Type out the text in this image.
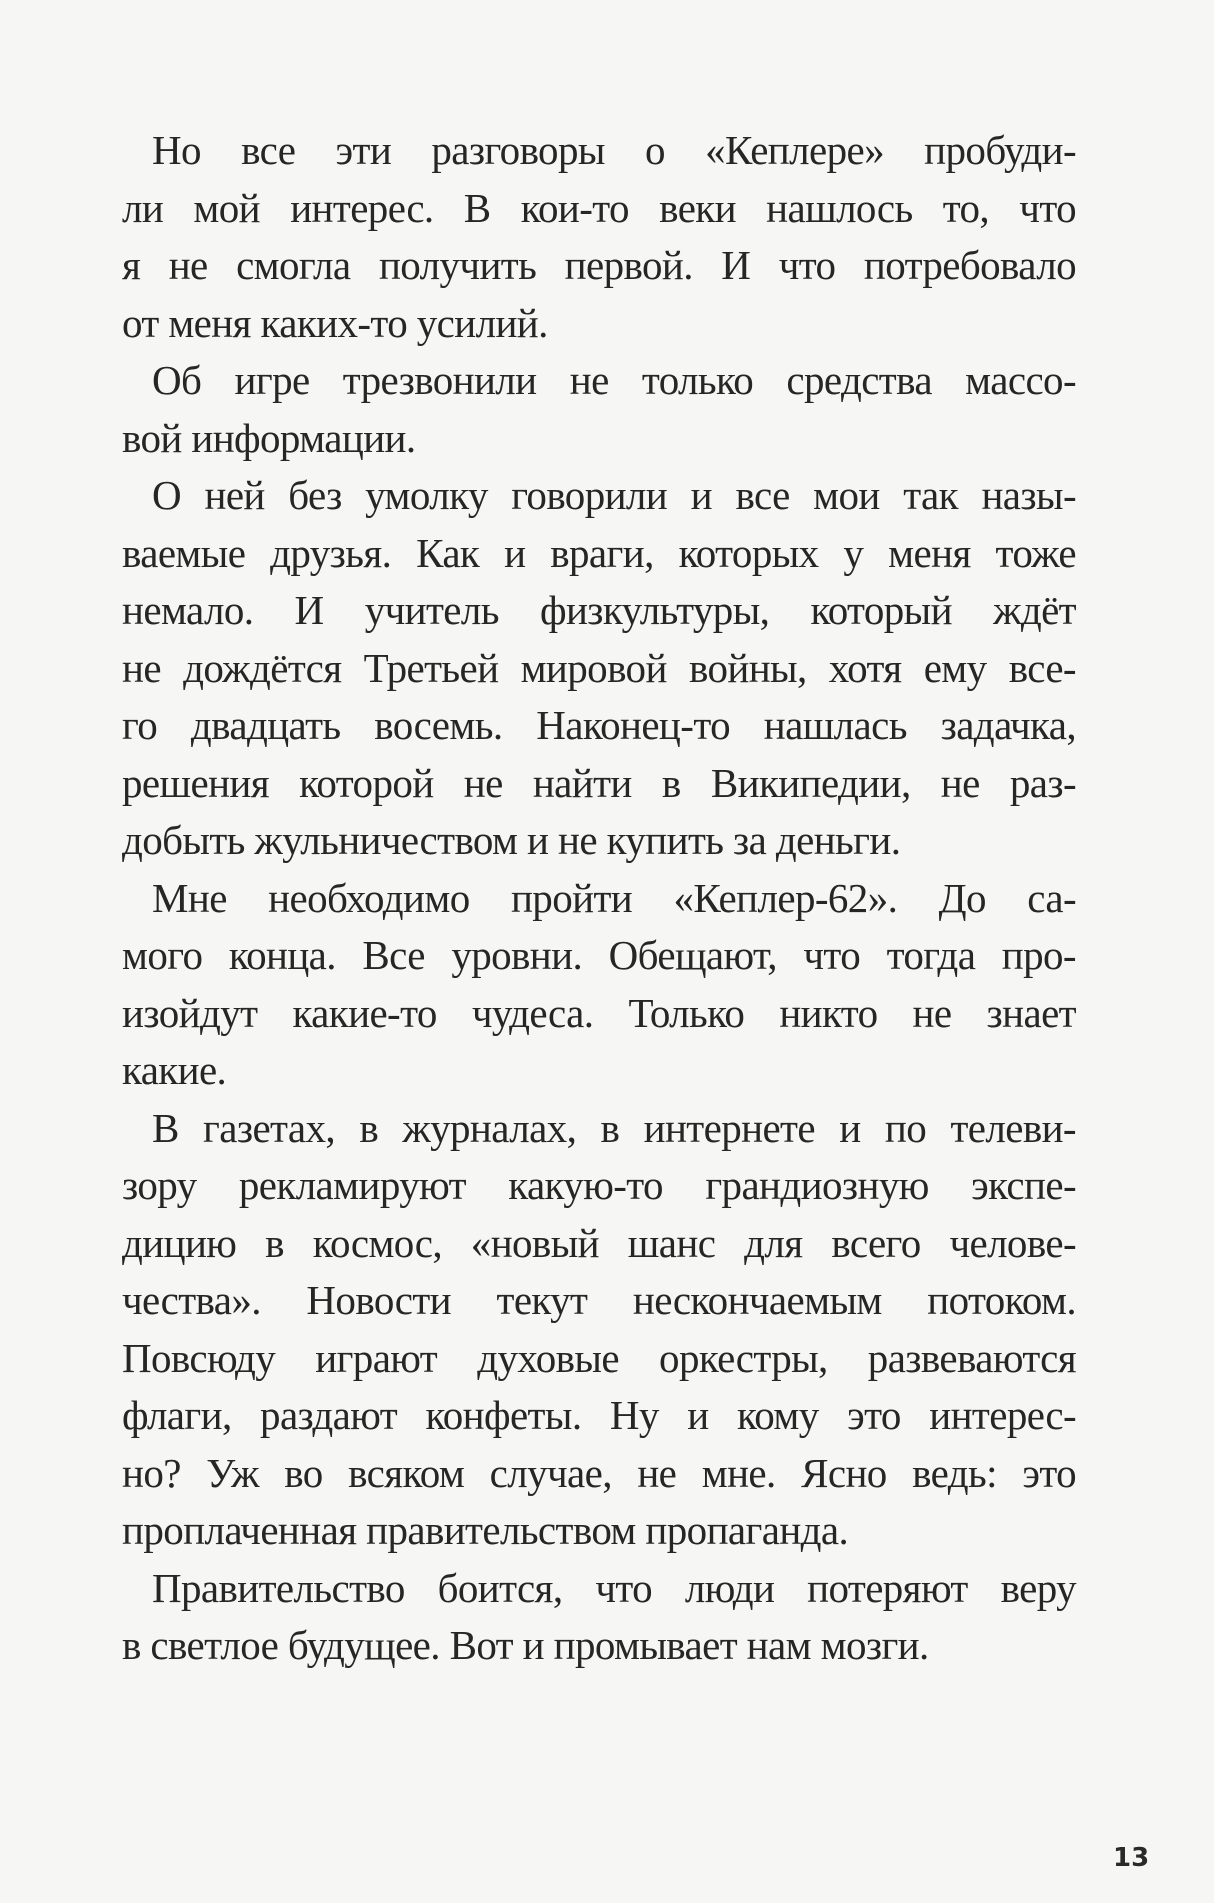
Но все эти разговоры о «Кеплере» пробуди-
ли мой интерес. В кои-то веки нашлось то, что
я не смогла получить первой. И что потребовало
от меня каких-то усилий.
Об игре трезвонили не только средства массо-
вой информации.
О ней без умолку говорили и все мои так назы-
ваемые друзья. Как и враги, которых у меня тоже
немало. И учитель физкультуры, который ждёт
не дождётся Третьей мировой войны, хотя ему все-
го двадцать восемь. Наконец-то нашлась задачка,
решения которой не найти в Википедии, не раз-
добыть жульничеством и не купить за деньги.
Мне необходимо пройти «Кеплер-62». До са-
мого конца. Все уровни. Обещают, что тогда про-
изойдут какие-то чудеса. Только никто не знает
какие.
В газетах, в журналах, в интернете и по телеви-
зору рекламируют какую-то грандиозную экспе-
дицию в космос, «новый шанс для всего челове-
чества». Новости текут нескончаемым потоком.
Повсюду играют духовые оркестры, развеваются
флаги, раздают конфеты. Ну и кому это интерес-
но? Уж во всяком случае, не мне. Ясно ведь: это
проплаченная правительством пропаганда.
Правительство боится, что люди потеряют веру
в светлое будущее. Вот и промывает нам мозги.
13
